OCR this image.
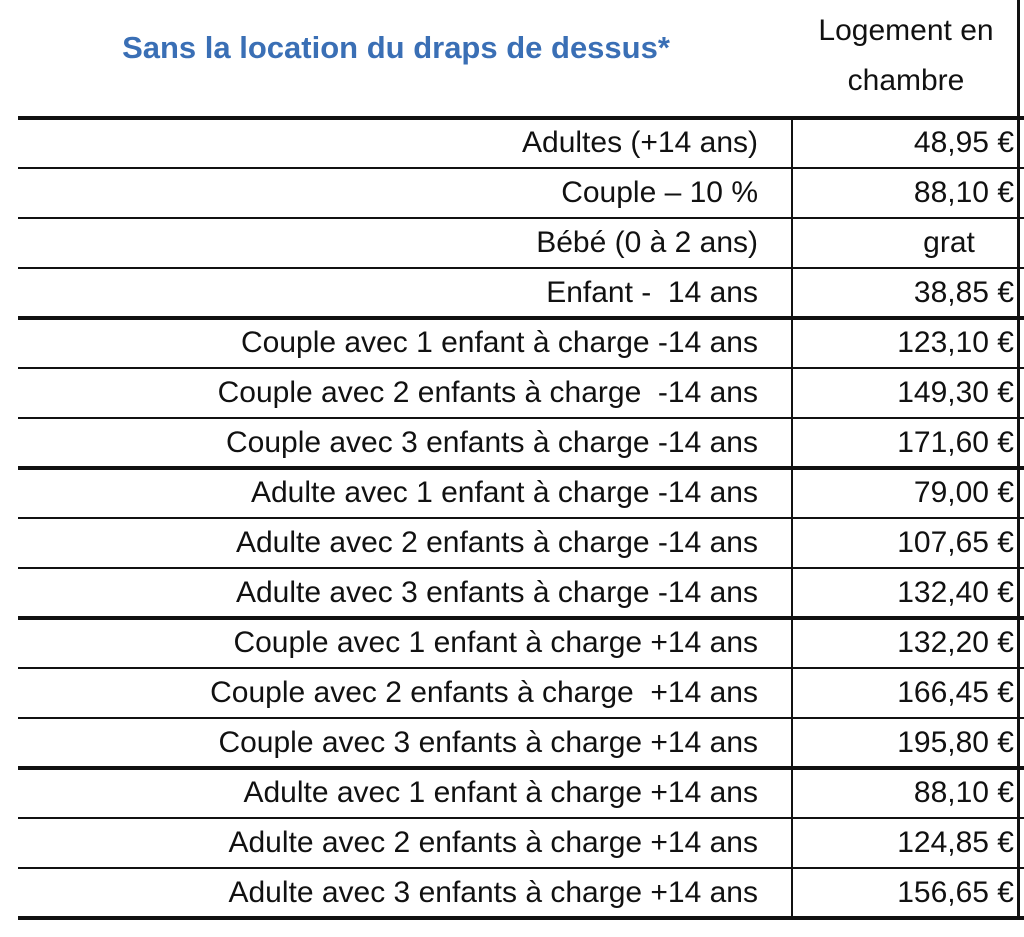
Sans la location du draps de dessus*	Logement en
chambre
Adultes (+14 ans)	48,95 €
Couple – 10 %	88,10 €
Bébé (0 à 2 ans)	grat
Enfant -  14 ans	38,85 €
Couple avec 1 enfant à charge -14 ans	123,10 €
Couple avec 2 enfants à charge  -14 ans	149,30 €
Couple avec 3 enfants à charge -14 ans	171,60 €
Adulte avec 1 enfant à charge -14 ans	79,00 €
Adulte avec 2 enfants à charge -14 ans	107,65 €
Adulte avec 3 enfants à charge -14 ans	132,40 €
Couple avec 1 enfant à charge +14 ans	132,20 €
Couple avec 2 enfants à charge  +14 ans	166,45 €
Couple avec 3 enfants à charge +14 ans	195,80 €
Adulte avec 1 enfant à charge +14 ans	88,10 €
Adulte avec 2 enfants à charge +14 ans	124,85 €
Adulte avec 3 enfants à charge +14 ans	156,65 €
